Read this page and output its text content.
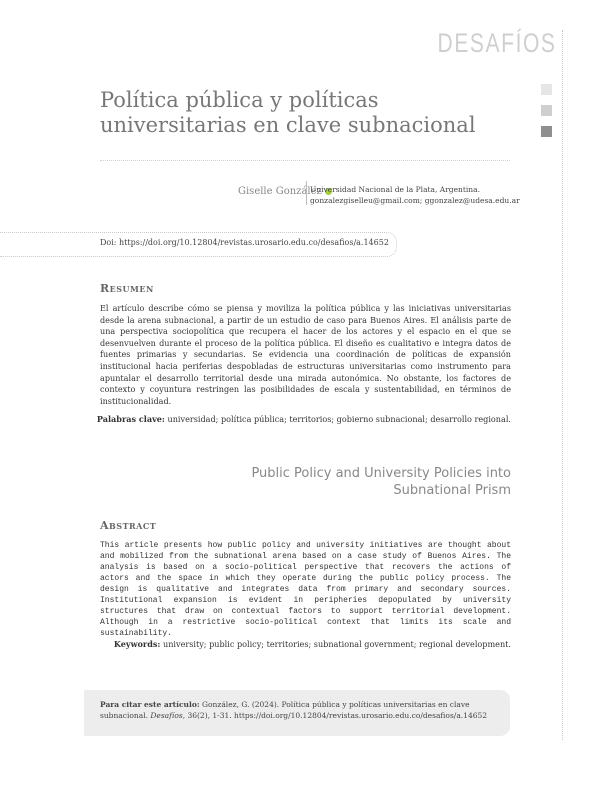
DESAFÍOS
Política pública y políticas universitarias en clave subnacional
Giselle González
Universidad Nacional de la Plata, Argentina.
gonzalezgiselleu@gmail.com; ggonzalez@udesa.edu.ar
Doi: https://doi.org/10.12804/revistas.urosario.edu.co/desafios/a.14652
Resumen

El artículo describe cómo se piensa y moviliza la política pública y las iniciativas universitarias desde la arena subnacional, a partir de un estudio de caso para Buenos Aires. El análisis parte de una perspectiva sociopolítica que recupera el hacer de los actores y el espacio en el que se desenvuelven durante el proceso de la política pública. El diseño es cualitativo e integra datos de fuentes primarias y secundarias. Se evidencia una coordinación de políticas de expansión institucional hacia periferias despobladas de estructuras universitarias como instrumento para apuntalar el desarrollo territorial desde una mirada autonómica. No obstante, los factores de contexto y coyuntura restringen las posibilidades de escala y sustentabilidad, en términos de institucionalidad.

Palabras clave: universidad; política pública; territorios; gobierno subnacional; desarrollo regional.
Public Policy and University Policies into Subnational Prism
Abstract

This article presents how public policy and university initiatives are thought about and mobilized from the subnational arena based on a case study of Buenos Aires. The analysis is based on a socio-political perspective that recovers the actions of actors and the space in which they operate during the public policy process. The design is qualitative and integrates data from primary and secondary sources. Institutional expansion is evident in peripheries depopulated by university structures that draw on contextual factors to support territorial development. Although in a restrictive socio-political context that limits its scale and sustainability.

Keywords: university; public policy; territories; subnational government; regional development.

Para citar este artículo: González, G. (2024). Política pública y políticas universitarias en clave subnacional. Desafíos, 36(2), 1-31. https://doi.org/10.12804/revistas.urosario.edu.co/desafios/a.14652
